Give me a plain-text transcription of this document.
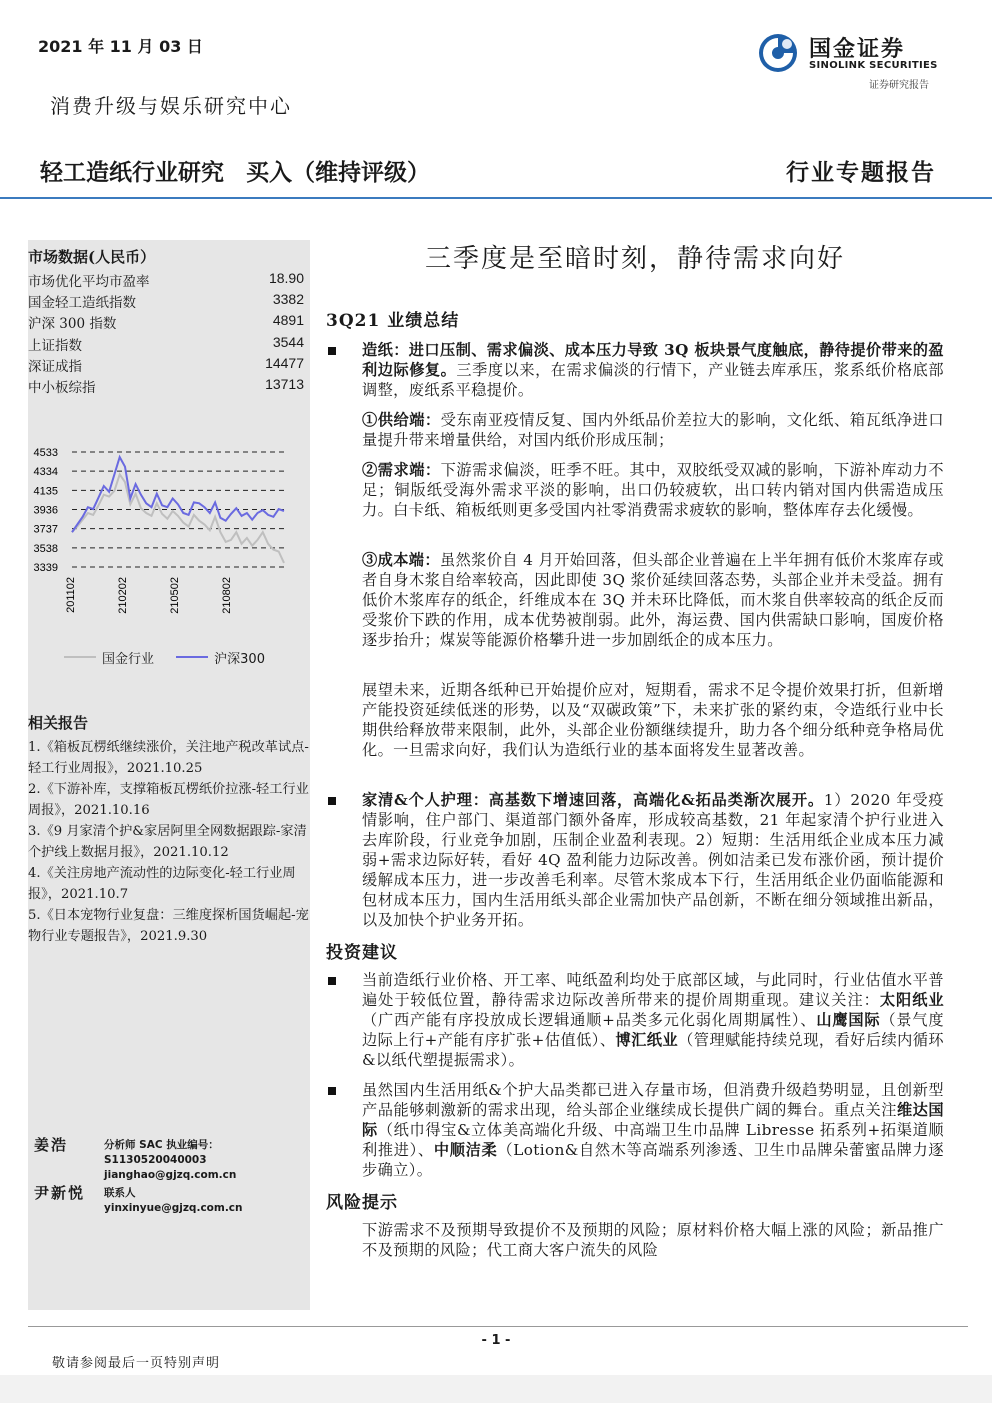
2021 年 11 月 03 日	国金证券
SINOLINK SECURITIES
证券研究报告
消费升级与娱乐研究中心
轻工造纸行业研究 买入（维持评级）	行业专题报告
市场数据(人民币）
市场优化平均市盈率	18.90
国金轻工造纸指数	3382
沪深 300 指数	4891
上证指数	3544
深证成指	14477
中小板综指	13713
4533
4334
4135
3936
3737
3538
3339
201102	210202	210502	210802
国金行业
	沪深300
相关报告
1.《箱板瓦楞纸继续涨价，关注地产税改革试点-轻工行业周报》，2021.10.25
2.《下游补库，支撑箱板瓦楞纸价拉涨-轻工行业周报》，2021.10.16
3.《9 月家清个护&家居阿里全网数据跟踪-家清个护线上数据月报》，2021.10.12
4.《关注房地产流动性的边际变化-轻工行业周报》，2021.10.7
5.《日本宠物行业复盘：三维度探析国货崛起-宠物行业专题报告》，2021.9.30
姜浩	分析师 SAC 执业编号：S1130520040003
jianghao@gjzq.com.cn
尹新悦 联系人
yinxinyue@gjzq.com.cn
三季度是至暗时刻，静待需求向好
3Q21 业绩总结
造纸：进口压制、需求偏淡、成本压力导致 3Q 板块景气度触底，静待提价带来的盈利边际修复。三季度以来，在需求偏淡的行情下，产业链去库承压，浆系纸价格底部调整，废纸系平稳提价。
①供给端：受东南亚疫情反复、国内外纸品价差拉大的影响，文化纸、箱瓦纸净进口量提升带来增量供给，对国内纸价形成压制；
②需求端：下游需求偏淡，旺季不旺。其中，双胶纸受双减的影响，下游补库动力不足；铜版纸受海外需求平淡的影响，出口仍较疲软，出口转内销对国内供需造成压力。白卡纸、箱板纸则更多受国内社零消费需求疲软的影响，整体库存去化缓慢。
③成本端：虽然浆价自 4 月开始回落，但头部企业普遍在上半年拥有低价木浆库存或者自身木浆自给率较高，因此即使 3Q 浆价延续回落态势，头部企业并未受益。拥有低价木浆库存的纸企，纤维成本在 3Q 并未环比降低，而木浆自供率较高的纸企反而受浆价下跌的作用，成本优势被削弱。此外，海运费、国内供需缺口影响，国废价格逐步抬升；煤炭等能源价格攀升进一步加剧纸企的成本压力。
展望未来，近期各纸种已开始提价应对，短期看，需求不足令提价效果打折，但新增产能投资延续低迷的形势，以及“双碳政策”下，未来扩张的紧约束，令造纸行业中长期供给释放带来限制，此外，头部企业份额继续提升，助力各个细分纸种竞争格局优化。一旦需求向好，我们认为造纸行业的基本面将发生显著改善。
家清&个人护理：高基数下增速回落，高端化&拓品类渐次展开。1）2020 年受疫情影响，住户部门、渠道部门额外备库，形成较高基数，21 年起家清个护行业进入去库阶段，行业竞争加剧，压制企业盈利表现。2）短期：生活用纸企业成本压力减弱+需求边际好转，看好 4Q 盈利能力边际改善。例如洁柔已发布涨价函，预计提价缓解成本压力，进一步改善毛利率。尽管木浆成本下行，生活用纸企业仍面临能源和包材成本压力，国内生活用纸头部企业需加快产品创新，不断在细分领域推出新品，以及加快个护业务开拓。
投资建议
当前造纸行业价格、开工率、吨纸盈利均处于底部区域，与此同时，行业估值水平普遍处于较低位置，静待需求边际改善所带来的提价周期重现。建议关注：太阳纸业（广西产能有序投放成长逻辑通顺+品类多元化弱化周期属性）、山鹰国际（景气度边际上行+产能有序扩张+估值低）、博汇纸业（管理赋能持续兑现，看好后续内循环&以纸代塑提振需求）。
虽然国内生活用纸&个护大品类都已进入存量市场，但消费升级趋势明显，且创新型产品能够刺激新的需求出现，给头部企业继续成长提供广阔的舞台。重点关注维达国际（纸巾得宝&立体美高端化升级、中高端卫生巾品牌 Libresse 拓系列+拓渠道顺利推进）、中顺洁柔（Lotion&自然木等高端系列渗透、卫生巾品牌朵蕾蜜品牌力逐步确立）。
风险提示
下游需求不及预期导致提价不及预期的风险；原材料价格大幅上涨的风险；新品推广不及预期的风险；代工商大客户流失的风险
- 1 -
敬请参阅最后一页特别声明
